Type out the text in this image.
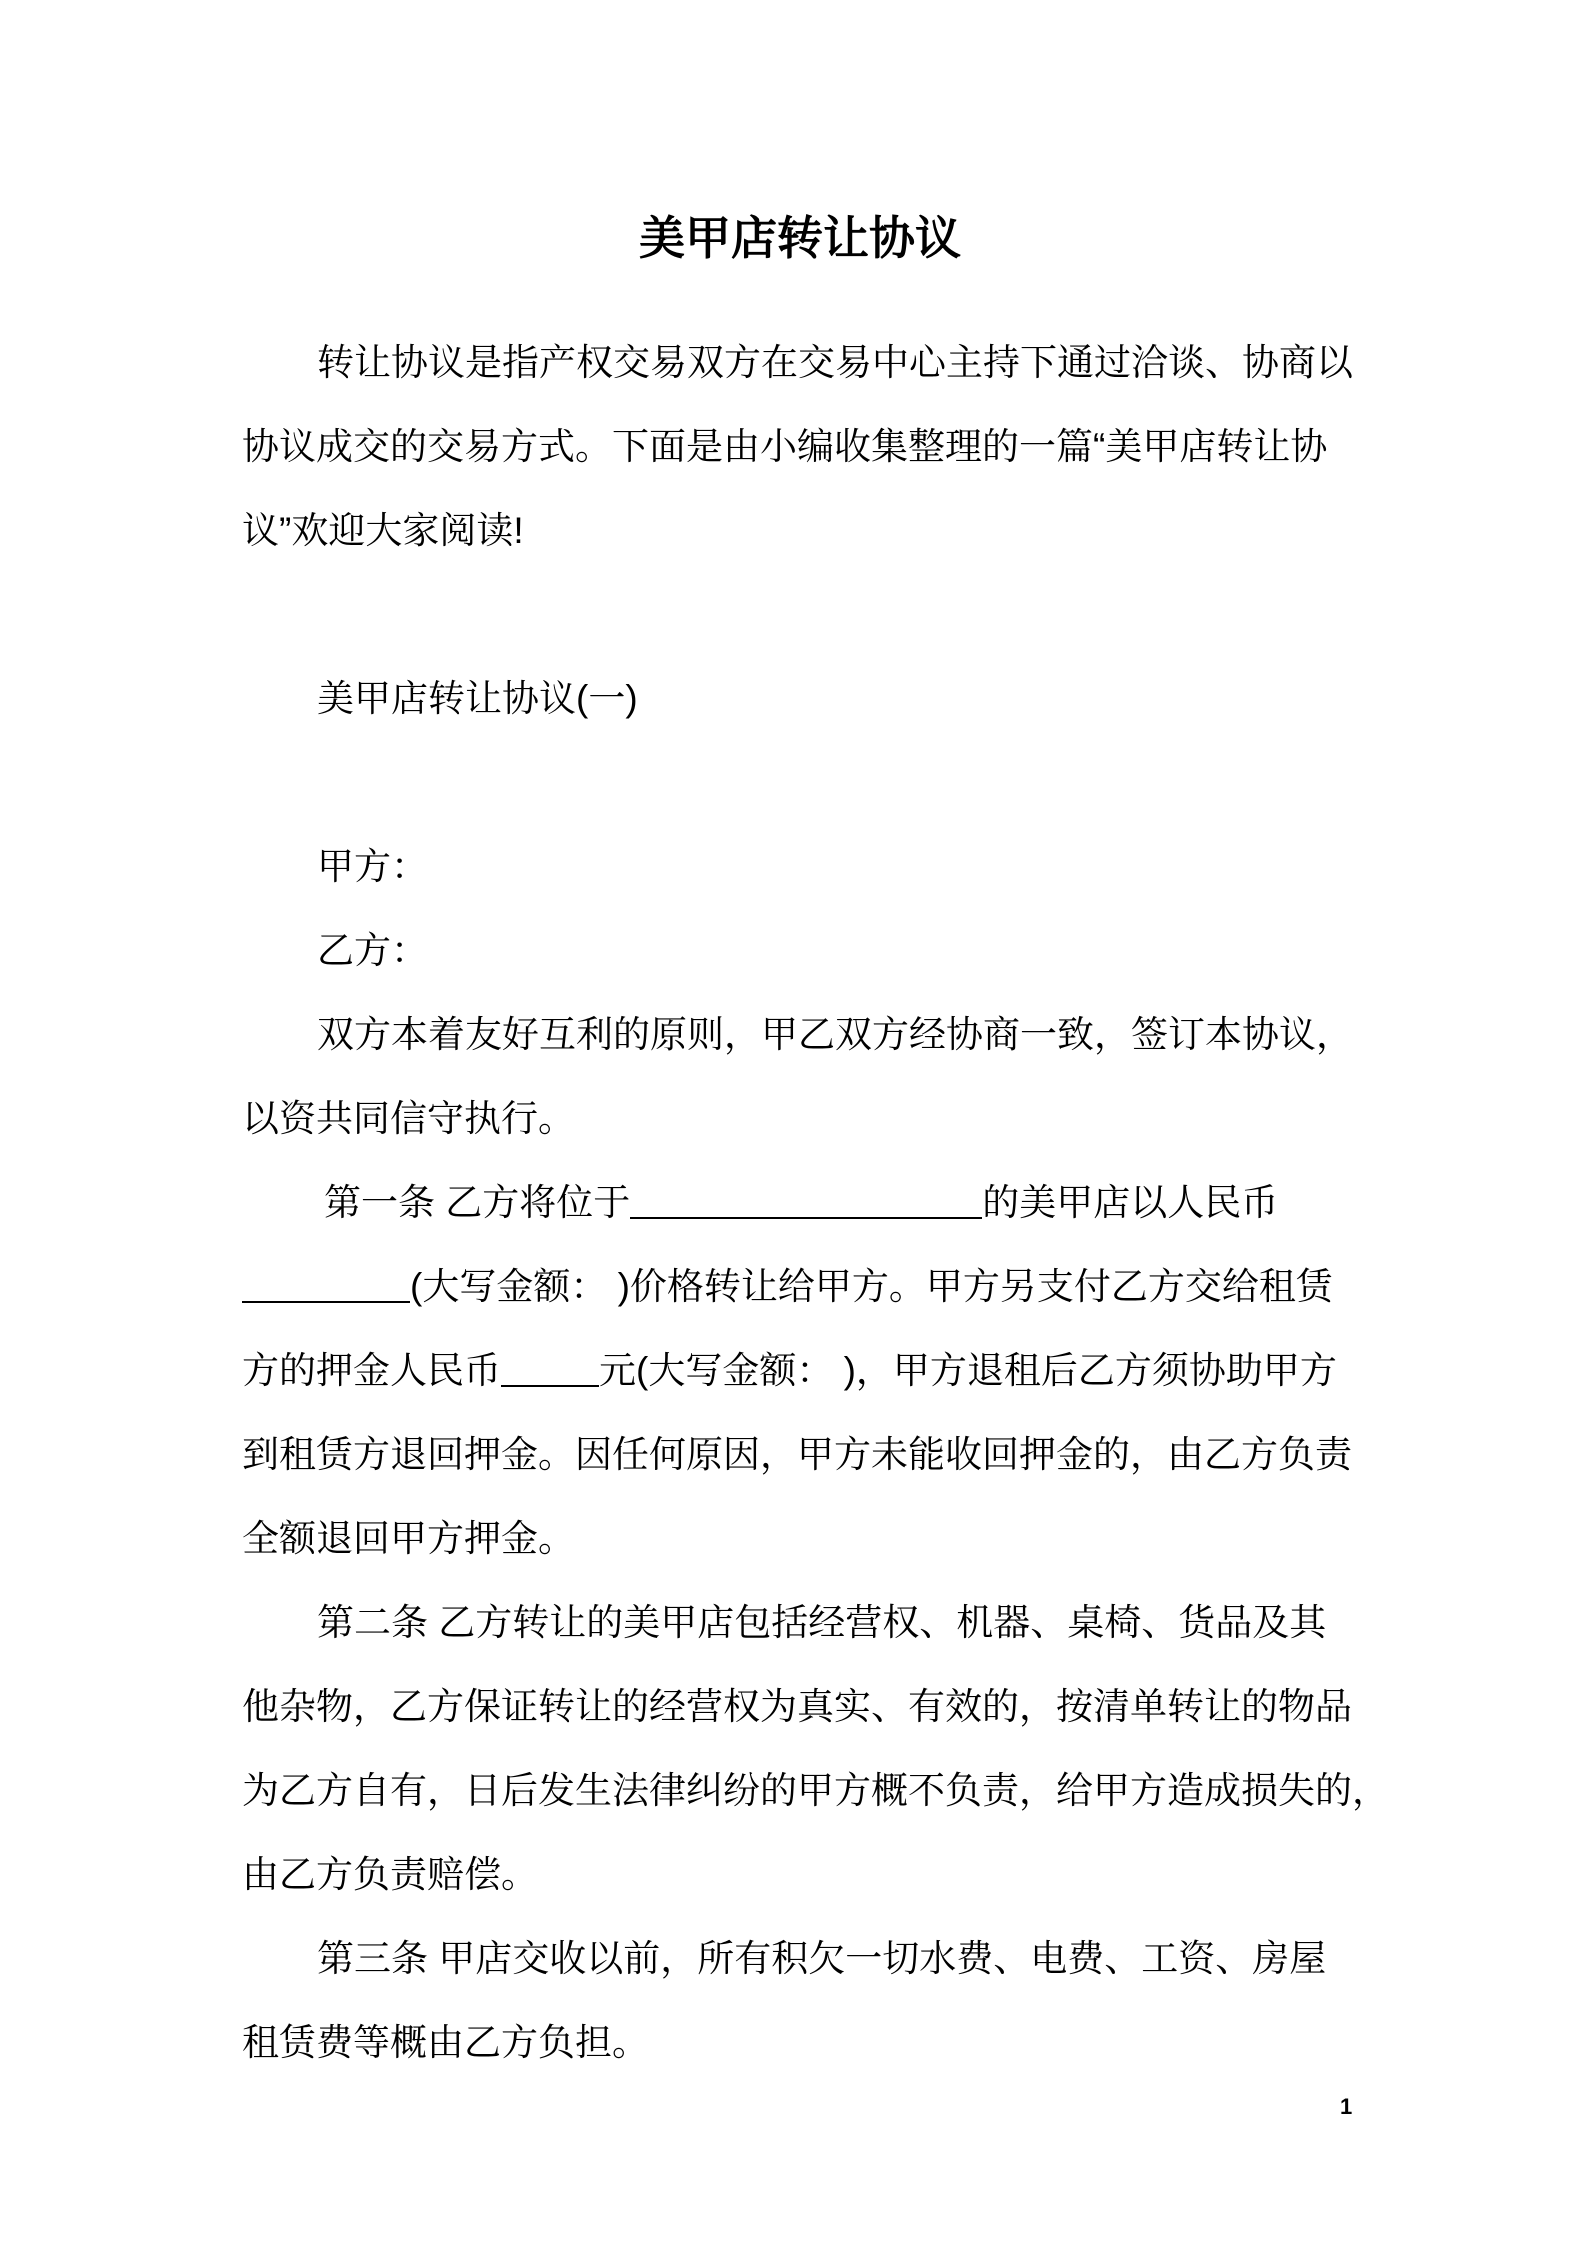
美甲店转让协议
转让协议是指产权交易双方在交易中心主持下通过洽谈、协商以
协议成交的交易方式。下面是由小编收集整理的一篇“美甲店转让协
议”欢迎大家阅读!
美甲店转让协议(一)
甲方：
乙方：
双方本着友好互利的原则，甲乙双方经协商一致，签订本协议，
以资共同信守执行。
第一条 乙方将位于	的美甲店以人民币
(大写金额： )价格转让给甲方。甲方另支付乙方交给租赁
方的押金人民币	元(大写金额： )，甲方退租后乙方须协助甲方
到租赁方退回押金。因任何原因，甲方未能收回押金的，由乙方负责
全额退回甲方押金。
第二条 乙方转让的美甲店包括经营权、机器、桌椅、货品及其
他杂物，乙方保证转让的经营权为真实、有效的，按清单转让的物品
为乙方自有，日后发生法律纠纷的甲方概不负责，给甲方造成损失的，
由乙方负责赔偿。
第三条 甲店交收以前，所有积欠一切水费、电费、工资、房屋
租赁费等概由乙方负担。
1
